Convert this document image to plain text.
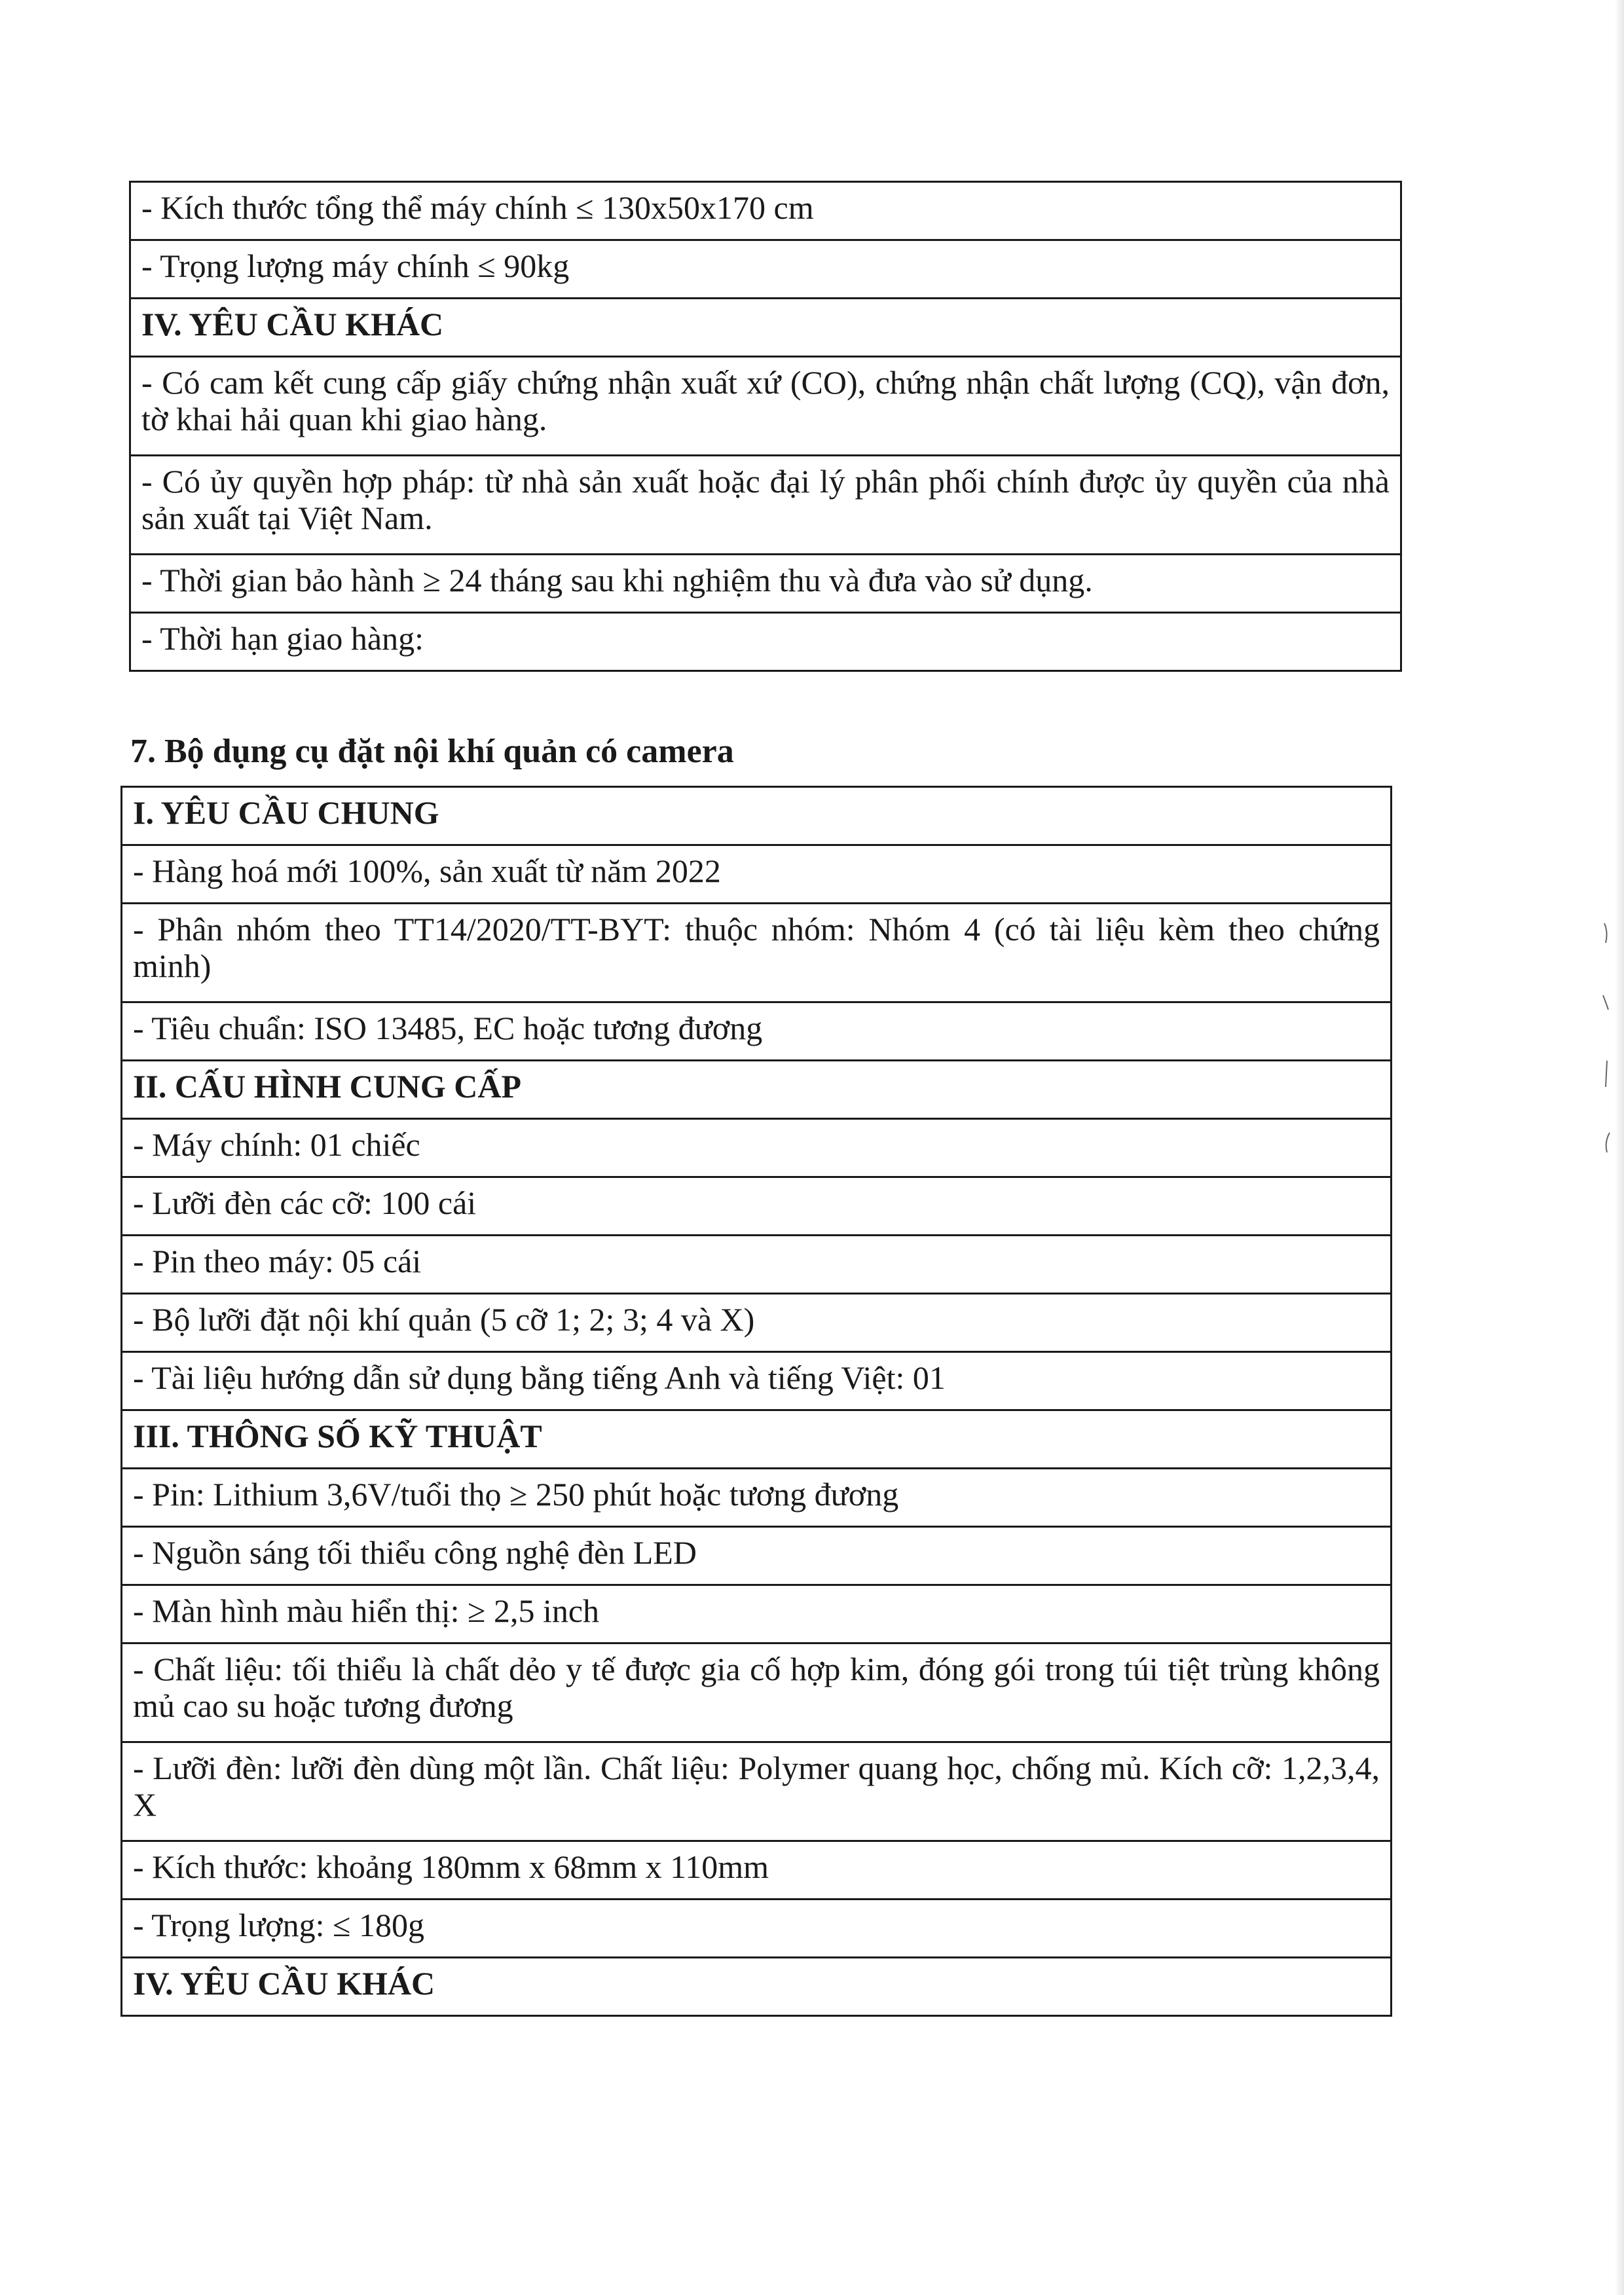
- Kích thước tổng thể máy chính ≤ 130x50x170 cm
- Trọng lượng máy chính ≤ 90kg
IV. YÊU CẦU KHÁC
- Có cam kết cung cấp giấy chứng nhận xuất xứ (CO), chứng nhận chất lượng (CQ), vận đơn, tờ khai hải quan khi giao hàng.
- Có ủy quyền hợp pháp: từ nhà sản xuất hoặc đại lý phân phối chính được ủy quyền của nhà sản xuất tại Việt Nam.
- Thời gian bảo hành ≥ 24 tháng sau khi nghiệm thu và đưa vào sử dụng.
- Thời hạn giao hàng:
7. Bộ dụng cụ đặt nội khí quản có camera
I. YÊU CẦU CHUNG
- Hàng hoá mới 100%, sản xuất từ năm 2022
- Phân nhóm theo TT14/2020/TT-BYT: thuộc nhóm: Nhóm 4 (có tài liệu kèm theo chứng minh)
- Tiêu chuẩn: ISO 13485, EC hoặc tương đương
II. CẤU HÌNH CUNG CẤP
- Máy chính: 01 chiếc
- Lưỡi đèn các cỡ: 100 cái
- Pin theo máy: 05 cái
- Bộ lưỡi đặt nội khí quản (5 cỡ 1; 2; 3; 4 và X)
- Tài liệu hướng dẫn sử dụng bằng tiếng Anh và tiếng Việt: 01
III. THÔNG SỐ KỸ THUẬT
- Pin: Lithium 3,6V/tuổi thọ ≥ 250 phút hoặc tương đương
- Nguồn sáng tối thiểu công nghệ đèn LED
- Màn hình màu hiển thị: ≥ 2,5 inch
- Chất liệu: tối thiểu là chất dẻo y tế được gia cố hợp kim, đóng gói trong túi tiệt trùng không mủ cao su hoặc tương đương
- Lưỡi đèn: lưỡi đèn dùng một lần. Chất liệu: Polymer quang học, chống mủ. Kích cỡ: 1,2,3,4, X
- Kích thước: khoảng 180mm x 68mm x 110mm
- Trọng lượng: ≤ 180g
IV. YÊU CẦU KHÁC
